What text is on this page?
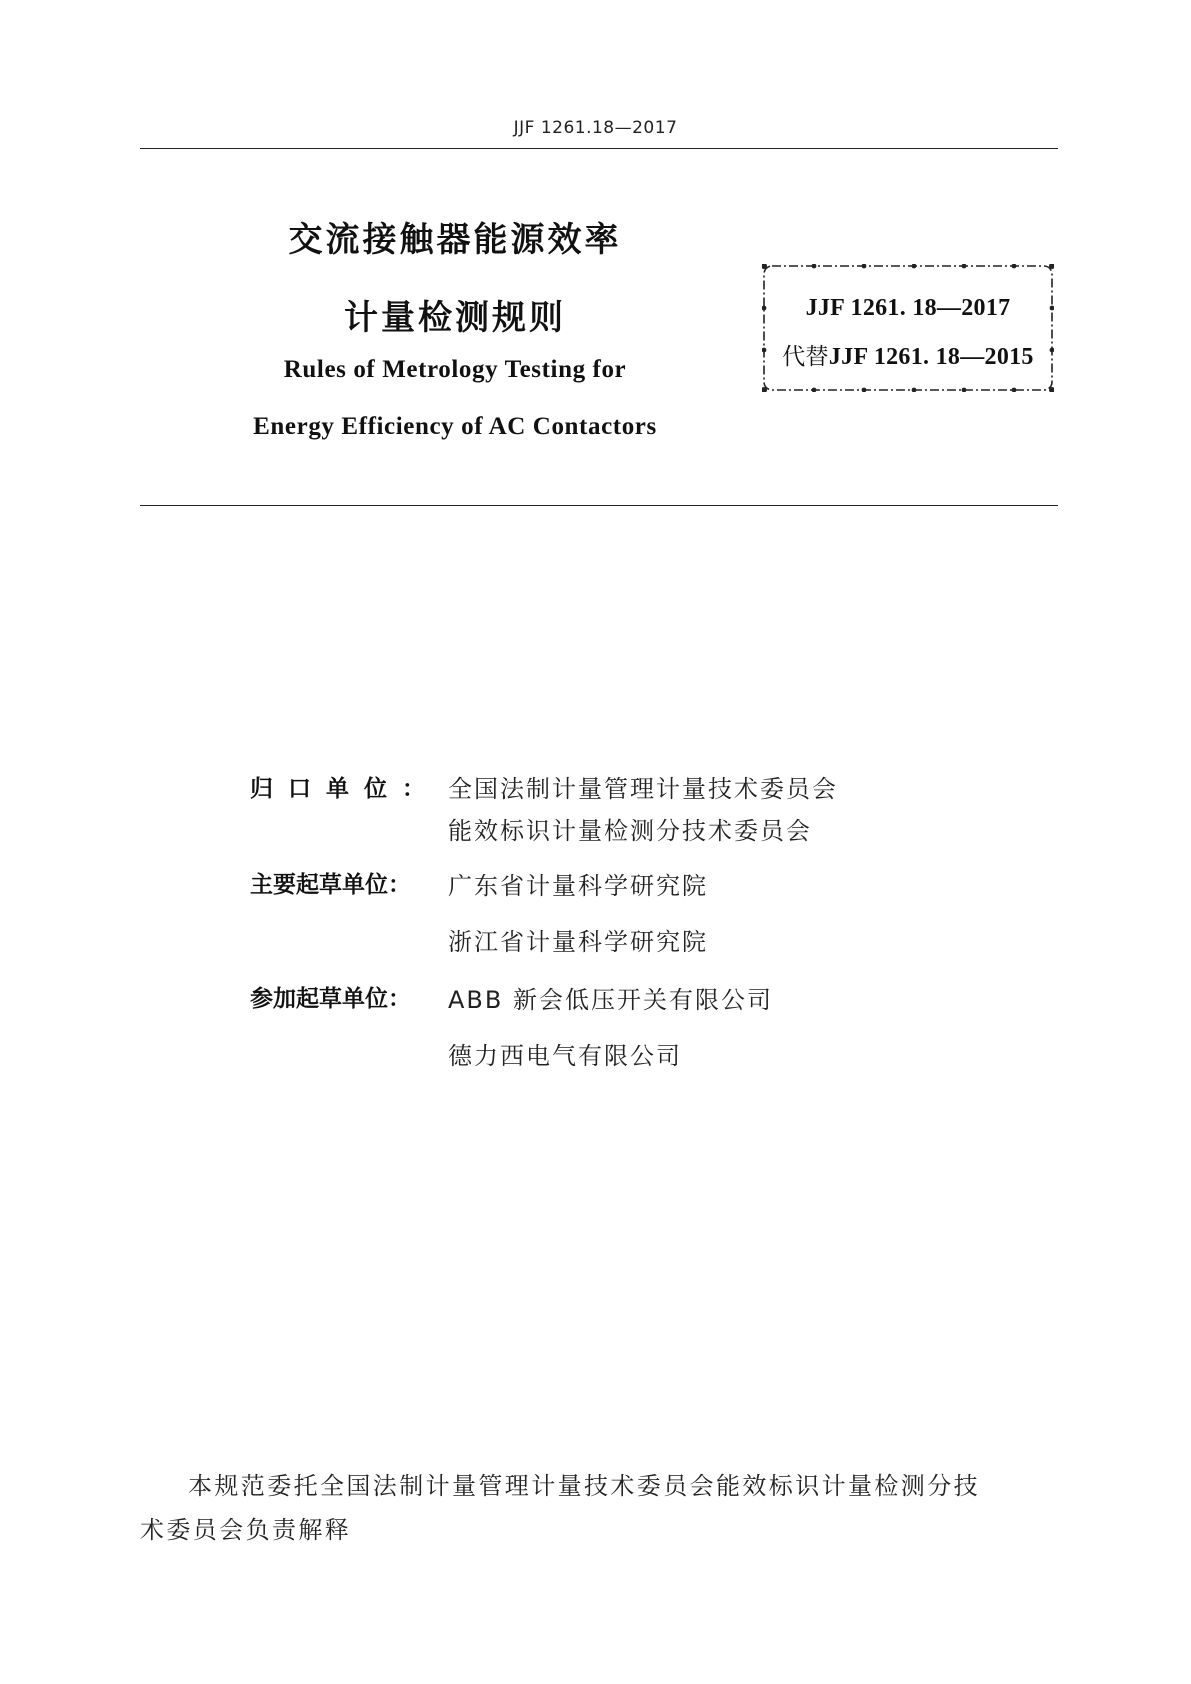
JJF 1261.18—2017
交流接触器能源效率
计量检测规则
Rules of Metrology Testing for
Energy Efficiency of AC Contactors
JJF 1261. 18—2017
代替JJF 1261. 18—2015
归口单位： 全国法制计量管理计量技术委员会
能效标识计量检测分技术委员会
主要起草单位：	广东省计量科学研究院
浙江省计量科学研究院
参加起草单位：	ABB 新会低压开关有限公司
德力西电气有限公司
本规范委托全国法制计量管理计量技术委员会能效标识计量检测分技
术委员会负责解释
